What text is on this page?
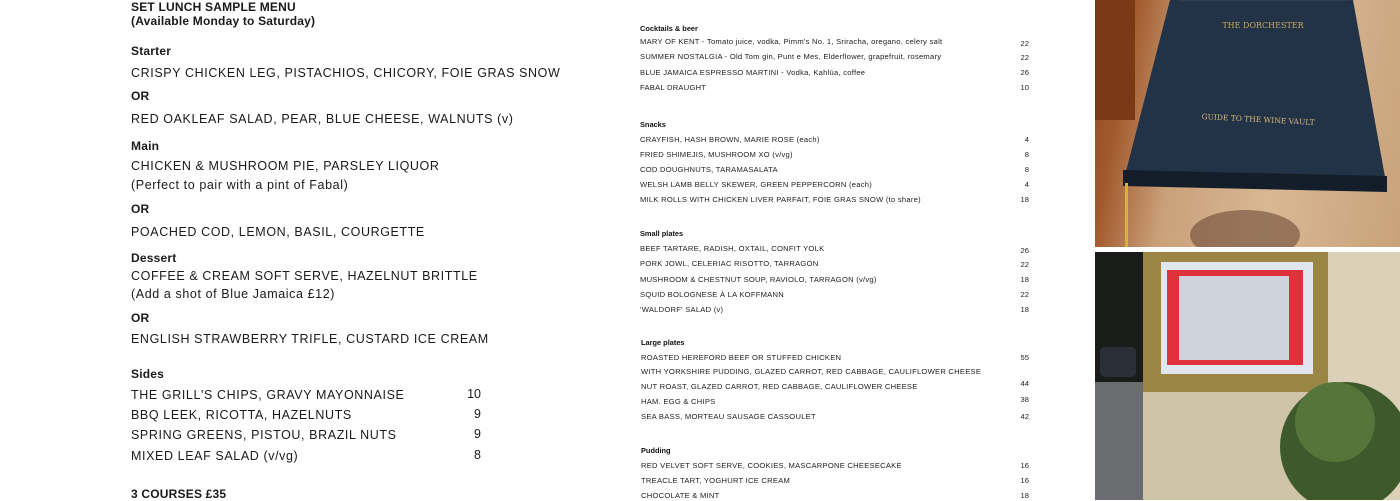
SET LUNCH SAMPLE MENU
(Available Monday to Saturday)
3 COURSES £35
Starter
CRISPY CHICKEN LEG, PISTACHIOS, CHICORY, FOIE GRAS SNOW
OR
RED OAKLEAF SALAD, PEAR, BLUE CHEESE, WALNUTS (v)
Main
CHICKEN & MUSHROOM PIE, PARSLEY LIQUOR
(Perfect to pair with a pint of Fabal)
OR
POACHED COD, LEMON, BASIL, COURGETTE
Dessert
COFFEE & CREAM SOFT SERVE, HAZELNUT BRITTLE
(Add a shot of Blue Jamaica £12)
OR
ENGLISH STRAWBERRY TRIFLE, CUSTARD ICE CREAM
Sides
THE GRILL'S CHIPS, GRAVY MAYONNAISE	10
BBQ LEEK, RICOTTA, HAZELNUTS	9
SPRING GREENS, PISTOU, BRAZIL NUTS	9
MIXED LEAF SALAD (v/vg)	8
Cocktails & beer
MARY OF KENT - Tomato juice, vodka, Pimm's No. 1, Sriracha, oregano, celery salt	22
SUMMER NOSTALGIA - Old Tom gin, Punt e Mes, Elderflower, grapefruit, rosemary	22
BLUE JAMAICA ESPRESSO MARTINI - Vodka, Kahlúa, coffee	26
FABAL DRAUGHT	10
Snacks
CRAYFISH, HASH BROWN, MARIE ROSE (each)	4
FRIED SHIMEJIS, MUSHROOM XO (v/vg)	8
COD DOUGHNUTS, TARAMASALATA	8
WELSH LAMB BELLY SKEWER, GREEN PEPPERCORN (each)	4
MILK ROLLS WITH CHICKEN LIVER PARFAIT, FOIE GRAS SNOW (to share)	18
Small plates
BEEF TARTARE, RADISH, OXTAIL, CONFIT YOLK	26
PORK JOWL, CELERIAC RISOTTO, TARRAGON	22
MUSHROOM & CHESTNUT SOUP, RAVIOLO, TARRAGON (v/vg)	18
SQUID BOLOGNESE À LA KOFFMANN	22
'WALDORF' SALAD (v)	18
Large plates
ROASTED HEREFORD BEEF OR STUFFED CHICKEN	55
WITH YORKSHIRE PUDDING, GLAZED CARROT, RED CABBAGE, CAULIFLOWER CHEESE
NUT ROAST, GLAZED CARROT, RED CABBAGE, CAULIFLOWER CHEESE	44
HAM. EGG & CHIPS	38
SEA BASS, MORTEAU SAUSAGE CASSOULET	42
Pudding
RED VELVET SOFT SERVE, COOKIES, MASCARPONE CHEESECAKE	16
TREACLE TART, YOGHURT ICE CREAM	16
CHOCOLATE & MINT	18
THE DORCHESTER
GUIDE TO THE WINE VAULT
